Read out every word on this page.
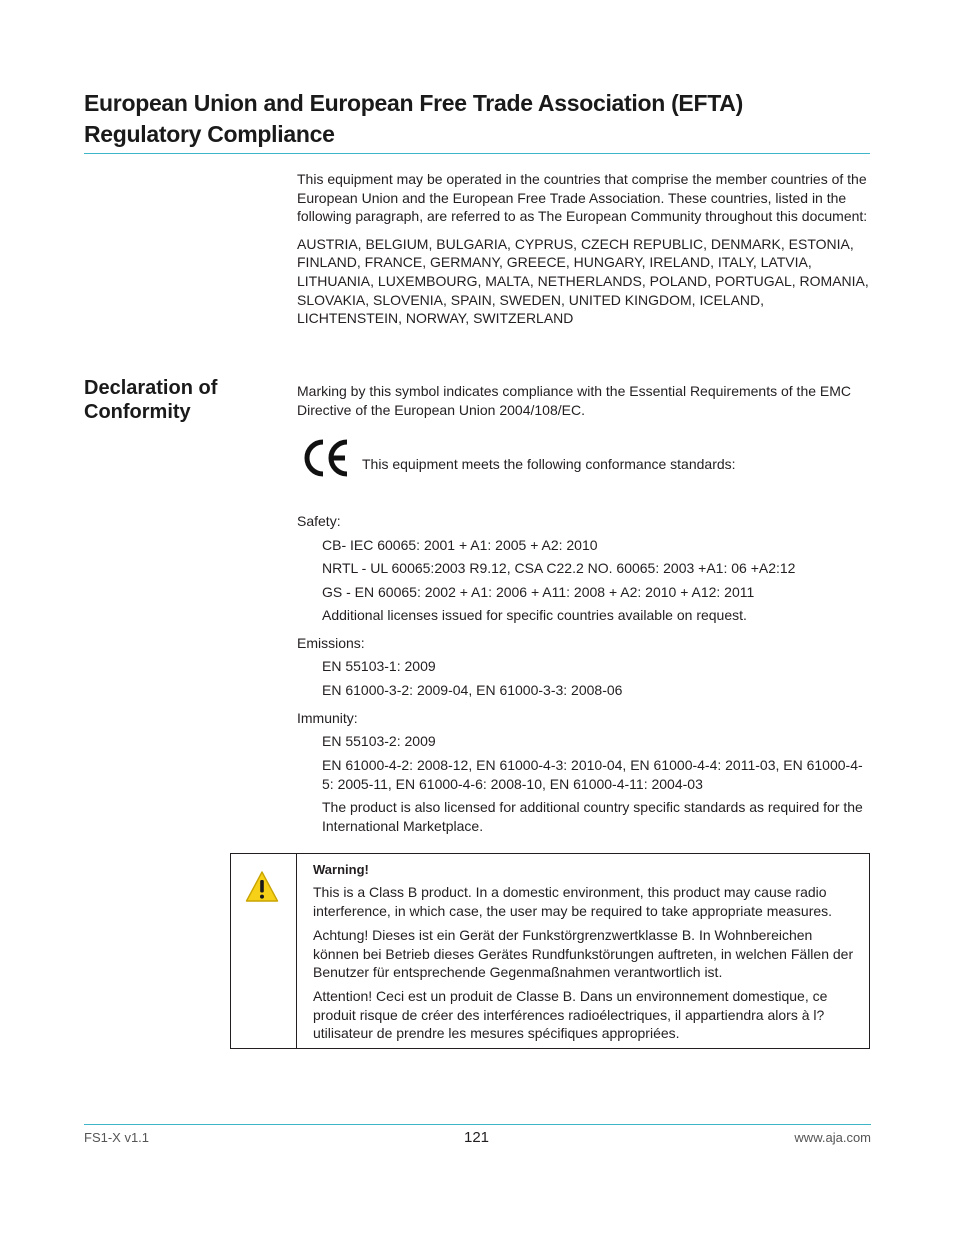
European Union and European Free Trade Association (EFTA)
Regulatory Compliance

This equipment may be operated in the countries that comprise the member countries of the European Union and the European Free Trade Association. These countries, listed in the following paragraph, are referred to as The European Community throughout this document:

AUSTRIA, BELGIUM, BULGARIA, CYPRUS, CZECH REPUBLIC, DENMARK, ESTONIA, FINLAND, FRANCE, GERMANY, GREECE, HUNGARY, IRELAND, ITALY, LATVIA, LITHUANIA, LUXEMBOURG, MALTA, NETHERLANDS, POLAND, PORTUGAL, ROMANIA, SLOVAKIA, SLOVENIA, SPAIN, SWEDEN, UNITED KINGDOM, ICELAND, LICHTENSTEIN, NORWAY, SWITZERLAND

Declaration of
Conformity
Marking by this symbol indicates compliance with the Essential Requirements of the EMC Directive of the European Union 2004/108/EC.
This equipment meets the following conformance standards:
Safety:
CB- IEC 60065: 2001 + A1: 2005 + A2: 2010
NRTL - UL 60065:2003 R9.12, CSA C22.2 NO. 60065: 2003 +A1: 06 +A2:12
GS - EN 60065: 2002 + A1: 2006 + A11: 2008 + A2: 2010 + A12: 2011
Additional licenses issued for specific countries available on request.
Emissions:
EN 55103-1: 2009
EN 61000-3-2: 2009-04, EN 61000-3-3: 2008-06
Immunity:
EN 55103-2: 2009
EN 61000-4-2: 2008-12, EN 61000-4-3: 2010-04, EN 61000-4-4: 2011-03, EN 61000-4-5: 2005-11, EN 61000-4-6: 2008-10, EN 61000-4-11: 2004-03
The product is also licensed for additional country specific standards as required for the International Marketplace.

Warning!

This is a Class B product. In a domestic environment, this product may cause radio interference, in which case, the user may be required to take appropriate measures.

Achtung! Dieses ist ein Gerät der Funkstörgrenzwertklasse B. In Wohnbereichen können bei Betrieb dieses Gerätes Rundfunkstörungen auftreten, in welchen Fällen der Benutzer für entsprechende Gegenmaßnahmen verantwortlich ist.

Attention! Ceci est un produit de Classe B. Dans un environnement domestique, ce produit risque de créer des interférences radioélectriques, il appartiendra alors à l?utilisateur de prendre les mesures spécifiques appropriées.

FS1-X v1.1	121	www.aja.com
